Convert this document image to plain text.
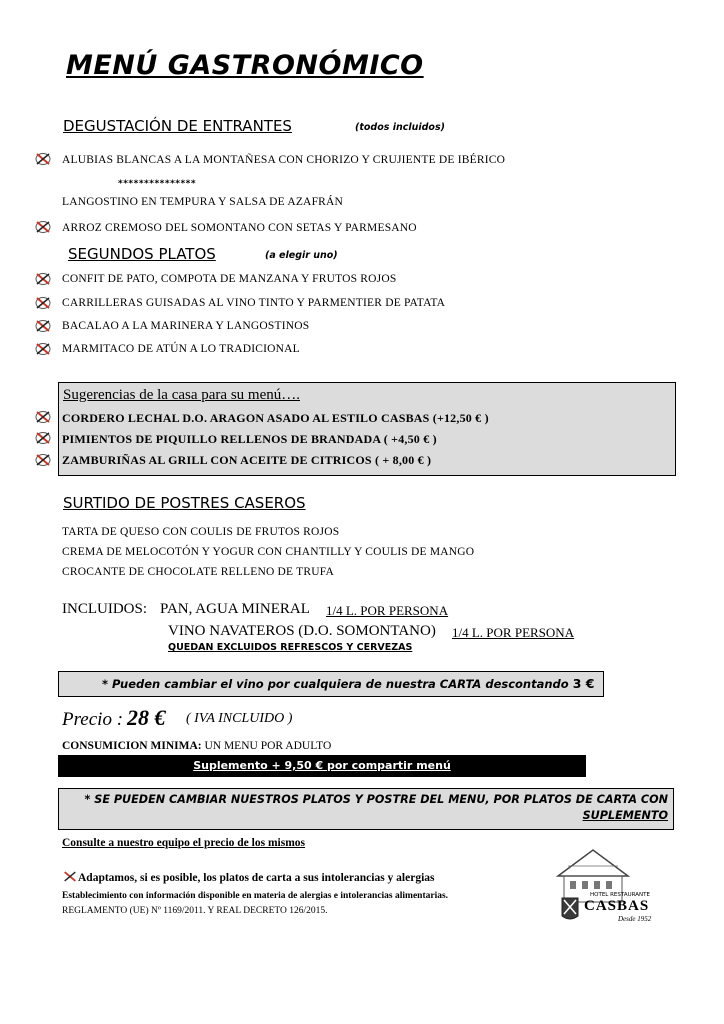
MENÚ GASTRONÓMICO
DEGUSTACIÓN DE ENTRANTES	(todos incluidos)
ALUBIAS BLANCAS A LA MONTAÑESA CON CHORIZO Y CRUJIENTE DE IBÉRICO
***************
LANGOSTINO EN TEMPURA Y SALSA DE AZAFRÁN
ARROZ CREMOSO DEL SOMONTANO CON SETAS Y PARMESANO
SEGUNDOS PLATOS	(a elegir uno)
CONFIT DE PATO, COMPOTA DE MANZANA Y FRUTOS ROJOS
CARRILLERAS GUISADAS AL VINO TINTO Y PARMENTIER DE PATATA
BACALAO A LA MARINERA Y LANGOSTINOS
MARMITACO DE ATÚN A LO TRADICIONAL
Sugerencias de la casa para su menú….
CORDERO LECHAL D.O. ARAGON ASADO AL ESTILO CASBAS (+12,50 € )
PIMIENTOS DE PIQUILLO RELLENOS DE BRANDADA ( +4,50 € )
ZAMBURIÑAS AL GRILL CON ACEITE DE CITRICOS ( + 8,00 € )
SURTIDO DE POSTRES CASEROS
TARTA DE QUESO CON COULIS DE FRUTOS ROJOS
CREMA DE MELOCOTÓN Y YOGUR CON CHANTILLY Y COULIS DE MANGO
CROCANTE DE CHOCOLATE RELLENO DE TRUFA
INCLUIDOS: PAN, AGUA MINERAL 1/4 L. POR PERSONA
VINO NAVATEROS (D.O. SOMONTANO) 1/4 L. POR PERSONA
QUEDAN EXCLUIDOS REFRESCOS Y CERVEZAS
* Pueden cambiar el vino por cualquiera de nuestra CARTA descontando 3 €
Precio : 28 € ( IVA INCLUIDO )
CONSUMICION MINIMA: UN MENU POR ADULTO
Suplemento + 9,50 € por compartir menú
* SE PUEDEN CAMBIAR NUESTROS PLATOS Y POSTRE DEL MENU, POR PLATOS DE CARTA CON
SUPLEMENTO
Consulte a nuestro equipo el precio de los mismos
Adaptamos, si es posible, los platos de carta a sus intolerancias y alergias
Establecimiento con información disponible en materia de alergias e intolerancias alimentarias.
REGLAMENTO (UE) Nº 1169/2011. Y REAL DECRETO 126/2015.
HOTEL RESTAURANTE
CASBAS
Desde 1952
